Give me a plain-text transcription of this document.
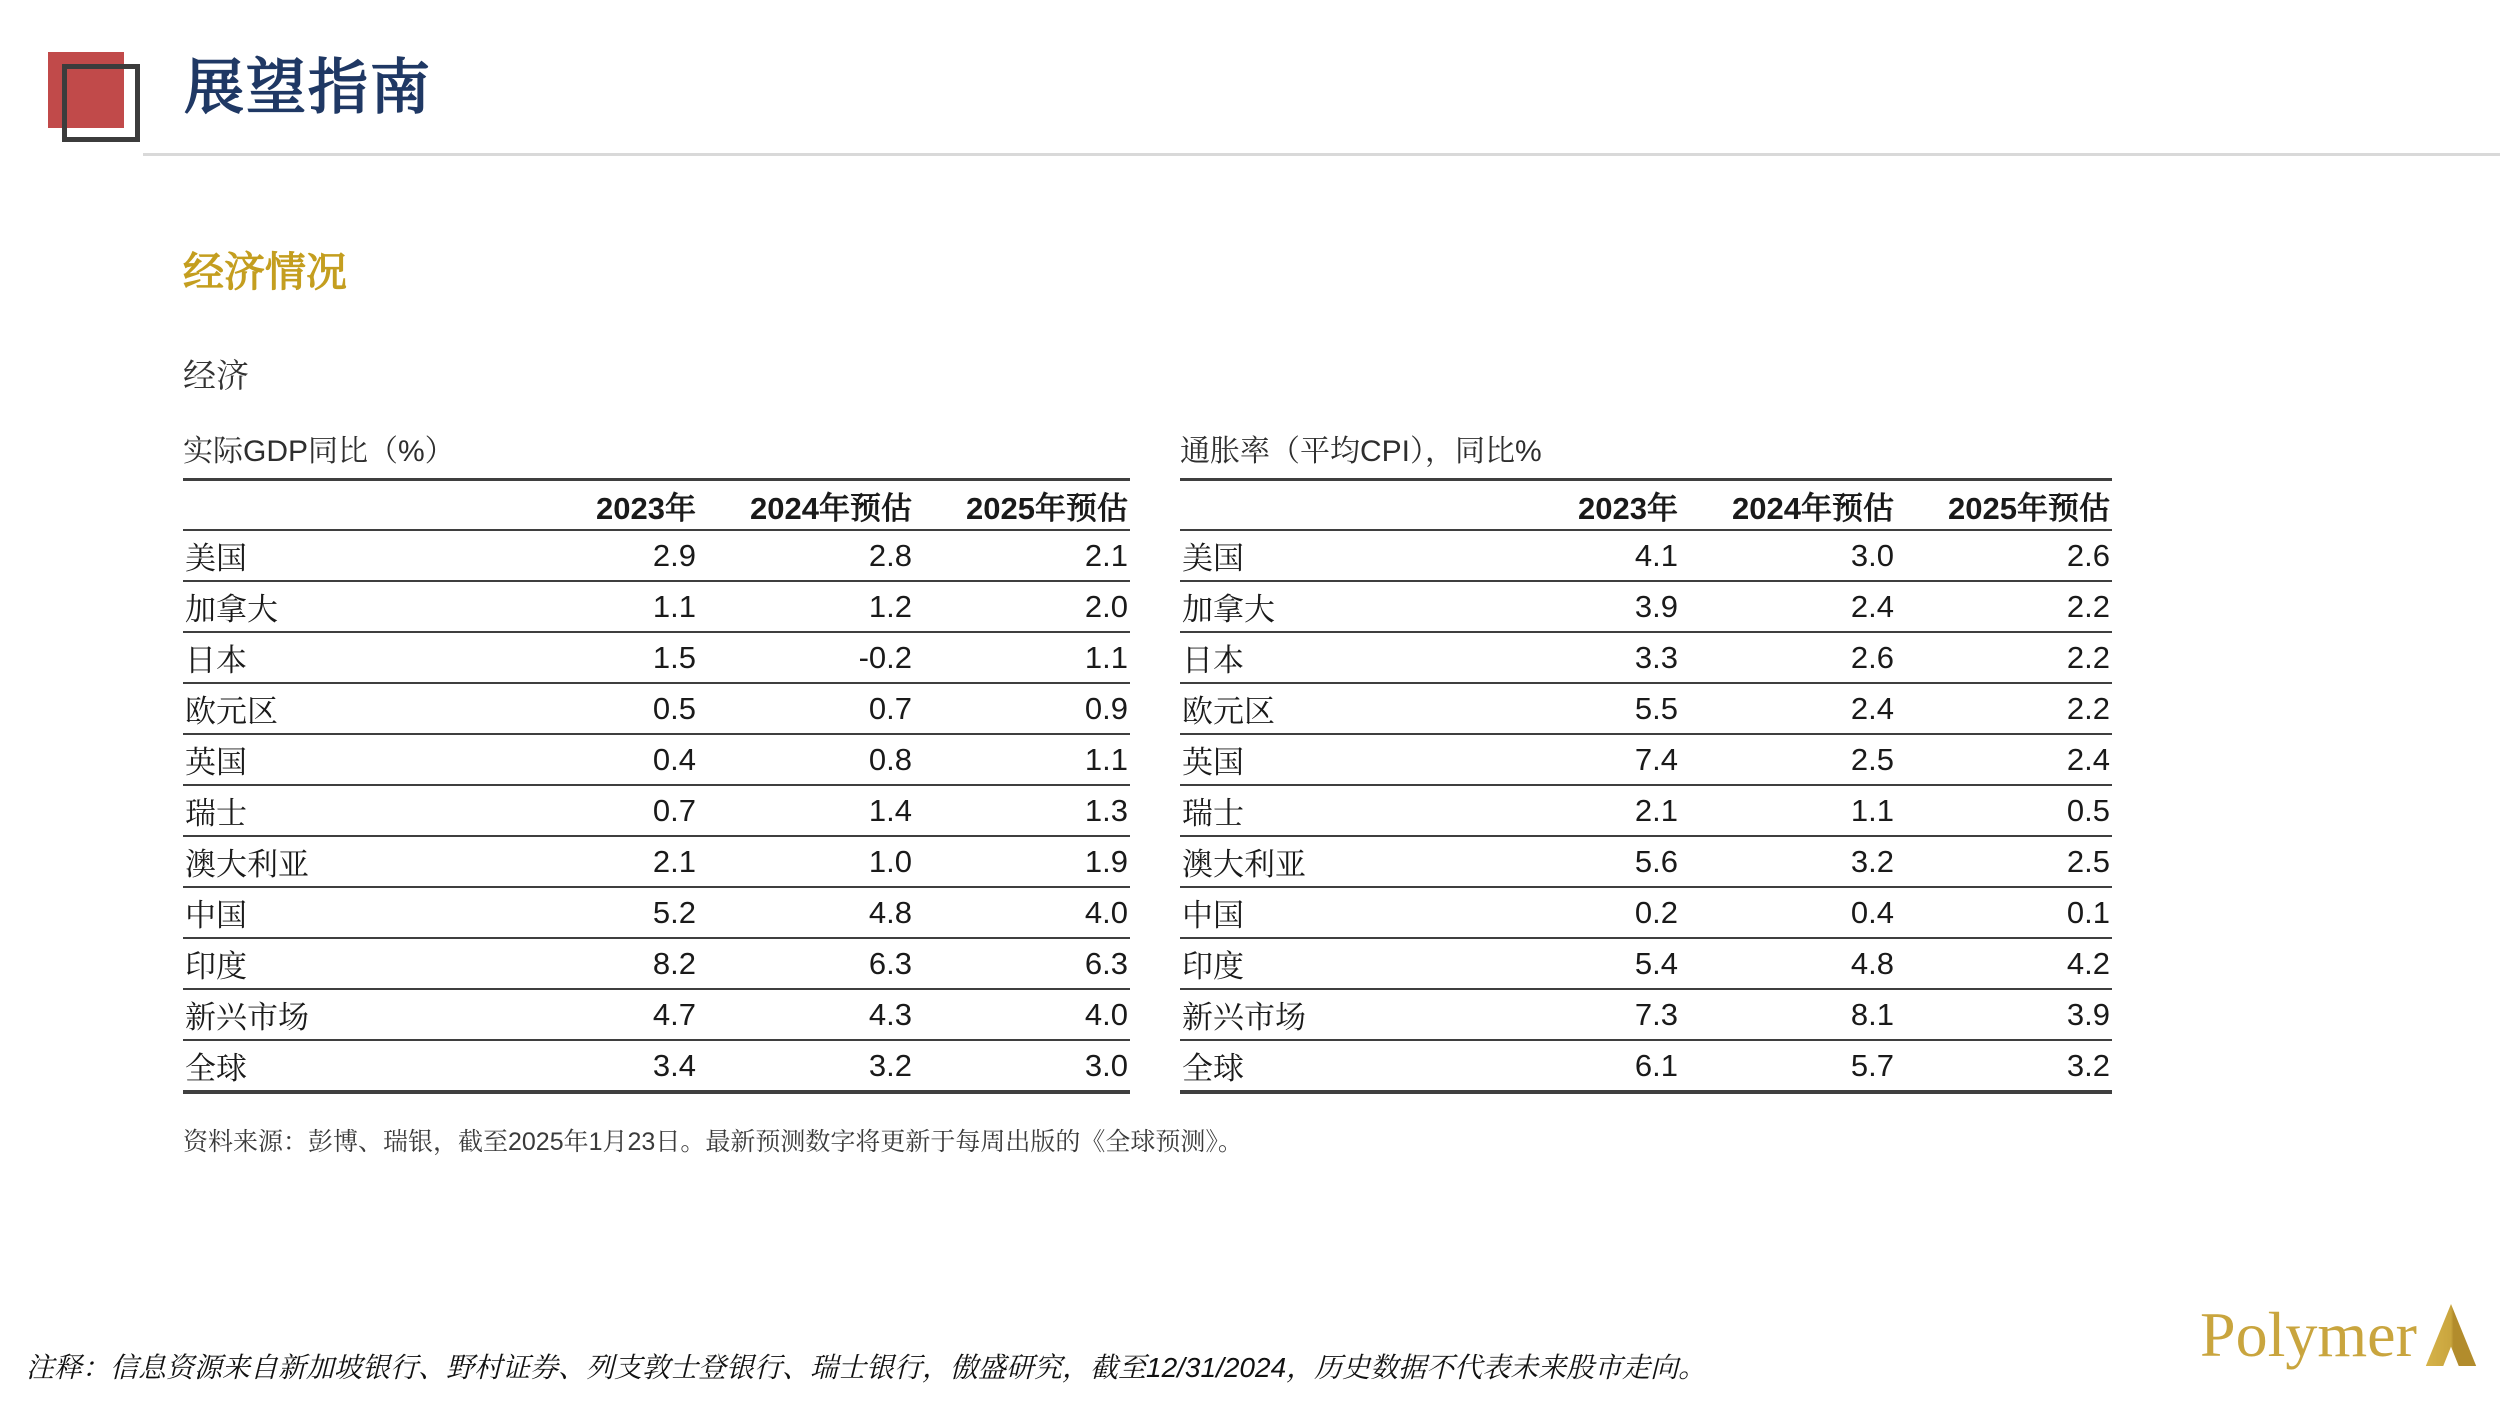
展望指南
经济情况
经济
实际GDP同比（%）
	2023年	2024年预估	2025年预估
美国	2.9	2.8	2.1
加拿大	1.1	1.2	2.0
日本	1.5	-0.2	1.1
欧元区	0.5	0.7	0.9
英国	0.4	0.8	1.1
瑞士	0.7	1.4	1.3
澳大利亚	2.1	1.0	1.9
中国	5.2	4.8	4.0
印度	8.2	6.3	6.3
新兴市场	4.7	4.3	4.0
全球	3.4	3.2	3.0
通胀率（平均CPI），同比%
	2023年	2024年预估	2025年预估
美国	4.1	3.0	2.6
加拿大	3.9	2.4	2.2
日本	3.3	2.6	2.2
欧元区	5.5	2.4	2.2
英国	7.4	2.5	2.4
瑞士	2.1	1.1	0.5
澳大利亚	5.6	3.2	2.5
中国	0.2	0.4	0.1
印度	5.4	4.8	4.2
新兴市场	7.3	8.1	3.9
全球	6.1	5.7	3.2

资料来源：彭博、瑞银，截至2025年1月23日。最新预测数字将更新于每周出版的《全球预测》。

注释：信息资源来自新加坡银行、野村证券、列支敦士登银行、瑞士银行，傲盛研究，截至12/31/2024，历史数据不代表未来股市走向。	Polymer
